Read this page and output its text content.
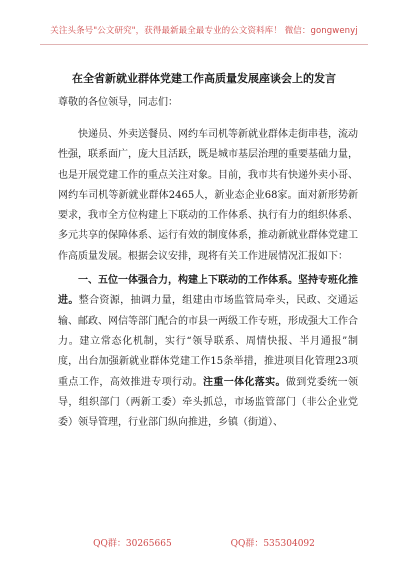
关注头条号"公文研究"，获得最新最全最专业的公文资料库！ 微信：gongwenyj
在全省新就业群体党建工作高质量发展座谈会上的发言

尊敬的各位领导，同志们：

快递员、外卖送餐员、网约车司机等新就业群体走街串巷，流动性强，联系面广，庞大且活跃，既是城市基层治理的重要基础力量，也是开展党建工作的重点关注对象。目前，我市共有快递外卖小哥、网约车司机等新就业群体2465人，新业态企业68家。面对新形势新要求，我市全方位构建上下联动的工作体系、执行有力的组织体系、多元共享的保障体系、运行有效的制度体系，推动新就业群体党建工作高质量发展。根据会议安排，现将有关工作进展情况汇报如下：

一、五位一体强合力，构建上下联动的工作体系。坚持专班化推进。整合资源，抽调力量，组建由市场监管局牵头，民政、交通运输、邮政、网信等部门配合的市县一两级工作专班，形成强大工作合力。建立常态化机制，实行“领导联系、周情快报、半月通报”制度，出台加强新就业群体党建工作15条举措，推进项目化管理23项重点工作，高效推进专项行动。注重一体化落实。做到党委统一领导，组织部门（两新工委）牵头抓总，市场监管部门（非公企业党委）领导管理，行业部门纵向推进，乡镇（街道）、

QQ群：30265665	QQ群：535304092
